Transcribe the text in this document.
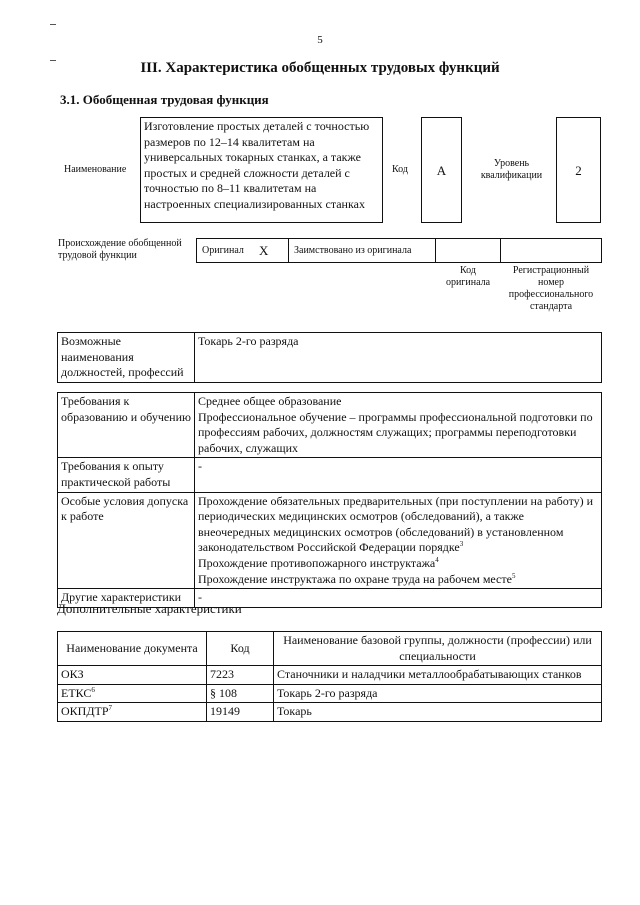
5
III. Характеристика обобщенных трудовых функций
3.1. Обобщенная трудовая функция
Наименование
Изготовление простых деталей с точностью размеров по 12–14 квалитетам на универсальных токарных станках, а также простых и средней сложности деталей с точностью по 8–11 квалитетам на настроенных специализированных станках
Код	A	Уровень квалификации	2
Происхождение обобщенной трудовой функции	Оригинал X	Заимствовано из оригинала
Код оригинала
Регистрационный номер профессионального стандарта
Возможные наименования должностей, профессий	Токарь 2-го разряда
Требования к образованию и обучению	Среднее общее образование
Профессиональное обучение – программы профессиональной подготовки по профессиям рабочих, должностям служащих; программы переподготовки рабочих, служащих

Требования к опыту практической работы	-
Особые условия допуска к работе	Прохождение обязательных предварительных (при поступлении на работу) и периодических медицинских осмотров (обследований), а также внеочередных медицинских осмотров (обследований) в установленном законодательством Российской Федерации порядке$^3$
Прохождение противопожарного инструктажа$^4$
Прохождение инструктажа по охране труда на рабочем месте$^5$

Другие характеристики	-
Дополнительные характеристики
Наименование документа	Код	Наименование базовой группы, должности (профессии) или специальности
ОКЗ	7223	Станочники и наладчики металлообрабатывающих станков
ЕТКС$^6$	§ 108	Токарь 2-го разряда
ОКПДТР$^7$	19149	Токарь
